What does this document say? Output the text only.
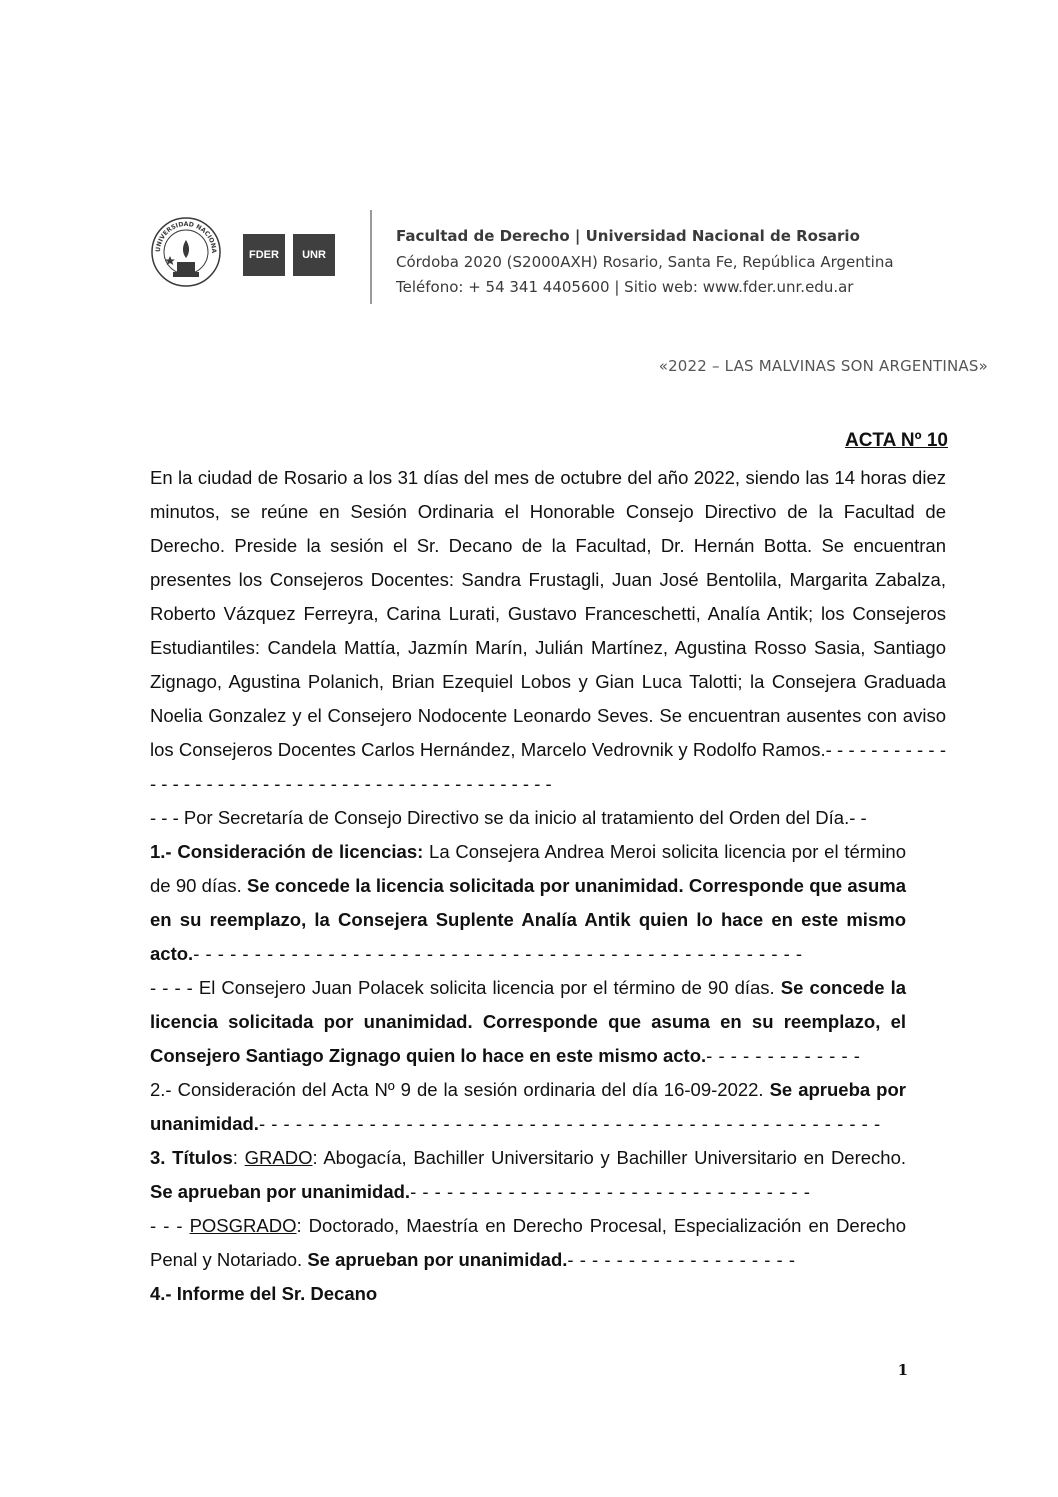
UNIVERSIDAD NACIONA	FDER	UNR
Facultad de Derecho | Universidad Nacional de Rosario
Córdoba 2020 (S2000AXH) Rosario, Santa Fe, República Argentina
Teléfono: + 54 341 4405600 | Sitio web: www.fder.unr.edu.ar
«2022 – LAS MALVINAS SON ARGENTINAS»
ACTA Nº 10

En la ciudad de Rosario a los 31 días del mes de octubre del año 2022, siendo las 14 horas diez minutos, se reúne en Sesión Ordinaria el Honorable Consejo Directivo de la Facultad de Derecho. Preside la sesión el Sr. Decano de la Facultad, Dr. Hernán Botta. Se encuentran presentes los Consejeros Docentes: Sandra Frustagli, Juan José Bentolila, Margarita Zabalza, Roberto Vázquez Ferreyra, Carina Lurati, Gustavo Franceschetti, Analía Antik; los Consejeros Estudiantiles: Candela Mattía, Jazmín Marín, Julián Martínez, Agustina Rosso Sasia, Santiago Zignago, Agustina Polanich, Brian Ezequiel Lobos y Gian Luca Talotti; la Consejera Graduada Noelia Gonzalez y el Consejero Nodocente Leonardo Seves. Se encuentran ausentes con aviso los Consejeros Docentes Carlos Hernández, Marcelo Vedrovnik y Rodolfo Ramos.- - - - - - - - - - - - - - - - - - - - - - - - - - - - - - - - - - - - - - - - - - - - - - -

- - - Por Secretaría de Consejo Directivo se da inicio al tratamiento del Orden del Día.- -

1.- Consideración de licencias: La Consejera Andrea Meroi solicita licencia por el término de 90 días. Se concede la licencia solicitada por unanimidad. Corresponde que asuma en su reemplazo, la Consejera Suplente Analía Antik quien lo hace en este mismo acto.- - - - - - - - - - - - - - - - - - - - - - - - - - - - - - - - - - - - - - - - - - - - - - - - - -

- - - - El Consejero Juan Polacek solicita licencia por el término de 90 días. Se concede la licencia solicitada por unanimidad. Corresponde que asuma en su reemplazo, el Consejero Santiago Zignago quien lo hace en este mismo acto.- - - - - - - - - - - - -

2.- Consideración del Acta Nº 9 de la sesión ordinaria del día 16-09-2022. Se aprueba por unanimidad.- - - - - - - - - - - - - - - - - - - - - - - - - - - - - - - - - - - - - - - - - - - - - - - - - - -

3. Títulos: GRADO: Abogacía, Bachiller Universitario y Bachiller Universitario en Derecho. Se aprueban por unanimidad.- - - - - - - - - - - - - - - - - - - - - - - - - - - - - - - - -

- - - POSGRADO: Doctorado, Maestría en Derecho Procesal, Especialización en Derecho Penal y Notariado. Se aprueban por unanimidad.- - - - - - - - - - - - - - - - - - -

4.- Informe del Sr. Decano

1
